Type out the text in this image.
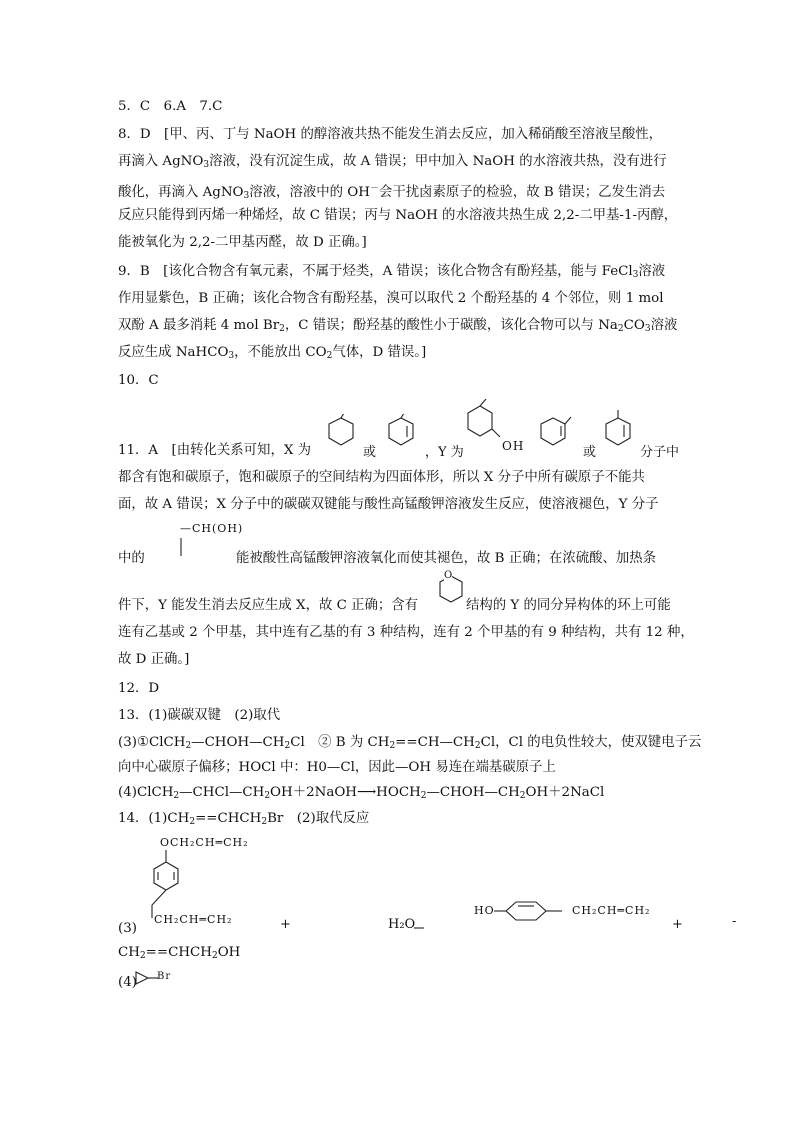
5．C　6.A　7.C
8．D　[甲、丙、丁与 NaOH 的醇溶液共热不能发生消去反应，加入稀硝酸至溶液呈酸性，
再滴入 AgNO$_3$溶液，没有沉淀生成，故 A 错误；甲中加入 NaOH 的水溶液共热，没有进行
酸化，再滴入 AgNO$_3$溶液，溶液中的 OH－会干扰卤素原子的检验，故 B 错误；乙发生消去
反应只能得到丙烯一种烯烃，故 C 错误；丙与 NaOH 的水溶液共热生成 2,2-二甲基-1-丙醇，
能被氧化为 2,2-二甲基丙醛，故 D 正确。]
9．B　[该化合物含有氧元素，不属于烃类，A 错误；该化合物含有酚羟基，能与 FeCl$_3$溶液
作用显紫色，B 正确；该化合物含有酚羟基，溴可以取代 2 个酚羟基的 4 个邻位，则 1 mol
双酚 A 最多消耗 4 mol $Br_2$，C 错误；酚羟基的酸性小于碳酸，该化合物可以与 $Na_2CO_3$溶液
反应生成 NaHCO$_3$，不能放出 $CO_2$气体，D 错误。]
10．C
11．A　[由转化关系可知，X 为	或	，Y 为	OH	或	分子中
都含有饱和碳原子，饱和碳原子的空间结构为四面体形，所以 X 分子中所有碳原子不能共
面，故 A 错误；X 分子中的碳碳双键能与酸性高锰酸钾溶液发生反应，使溶液褪色，Y 分子
—CH(OH)
中的	能被酸性高锰酸钾溶液氧化而使其褪色，故 B 正确；在浓硫酸、加热条
件下，Y 能发生消去反应生成 X，故 C 正确；含有
O
结构的 Y 的同分异构体的环上可能
连有乙基或 2 个甲基，其中连有乙基的有 3 种结构，连有 2 个甲基的有 9 种结构，共有 12 种，
故 D 正确。]
12．D
13．(1)碳碳双键　(2)取代
$(3)①ClCH_2—CHOH—CH_2Cl$　② B 为 $CH_2==CH—CH_2Cl$，Cl 的电负性较大，使双键电子云
向中心碳原子偏移；HOCl 中：H0—Cl，因此—OH 易连在端基碳原子上
$(4)ClCH_2—CHCl—CH_2OH+2NaOH⟶HOCH_2—CHOH—CH_2OH+2NaCl$
14．$(1)CH_2==CHCH_2Br$　(2)取代反应
OCH₂CH═CH₂
CH₂CH═CH₂
(3)	+	H₂O
HO	CH₂CH═CH₂
+	-
$CH_2==CHCH_2OH$
(4) Br
